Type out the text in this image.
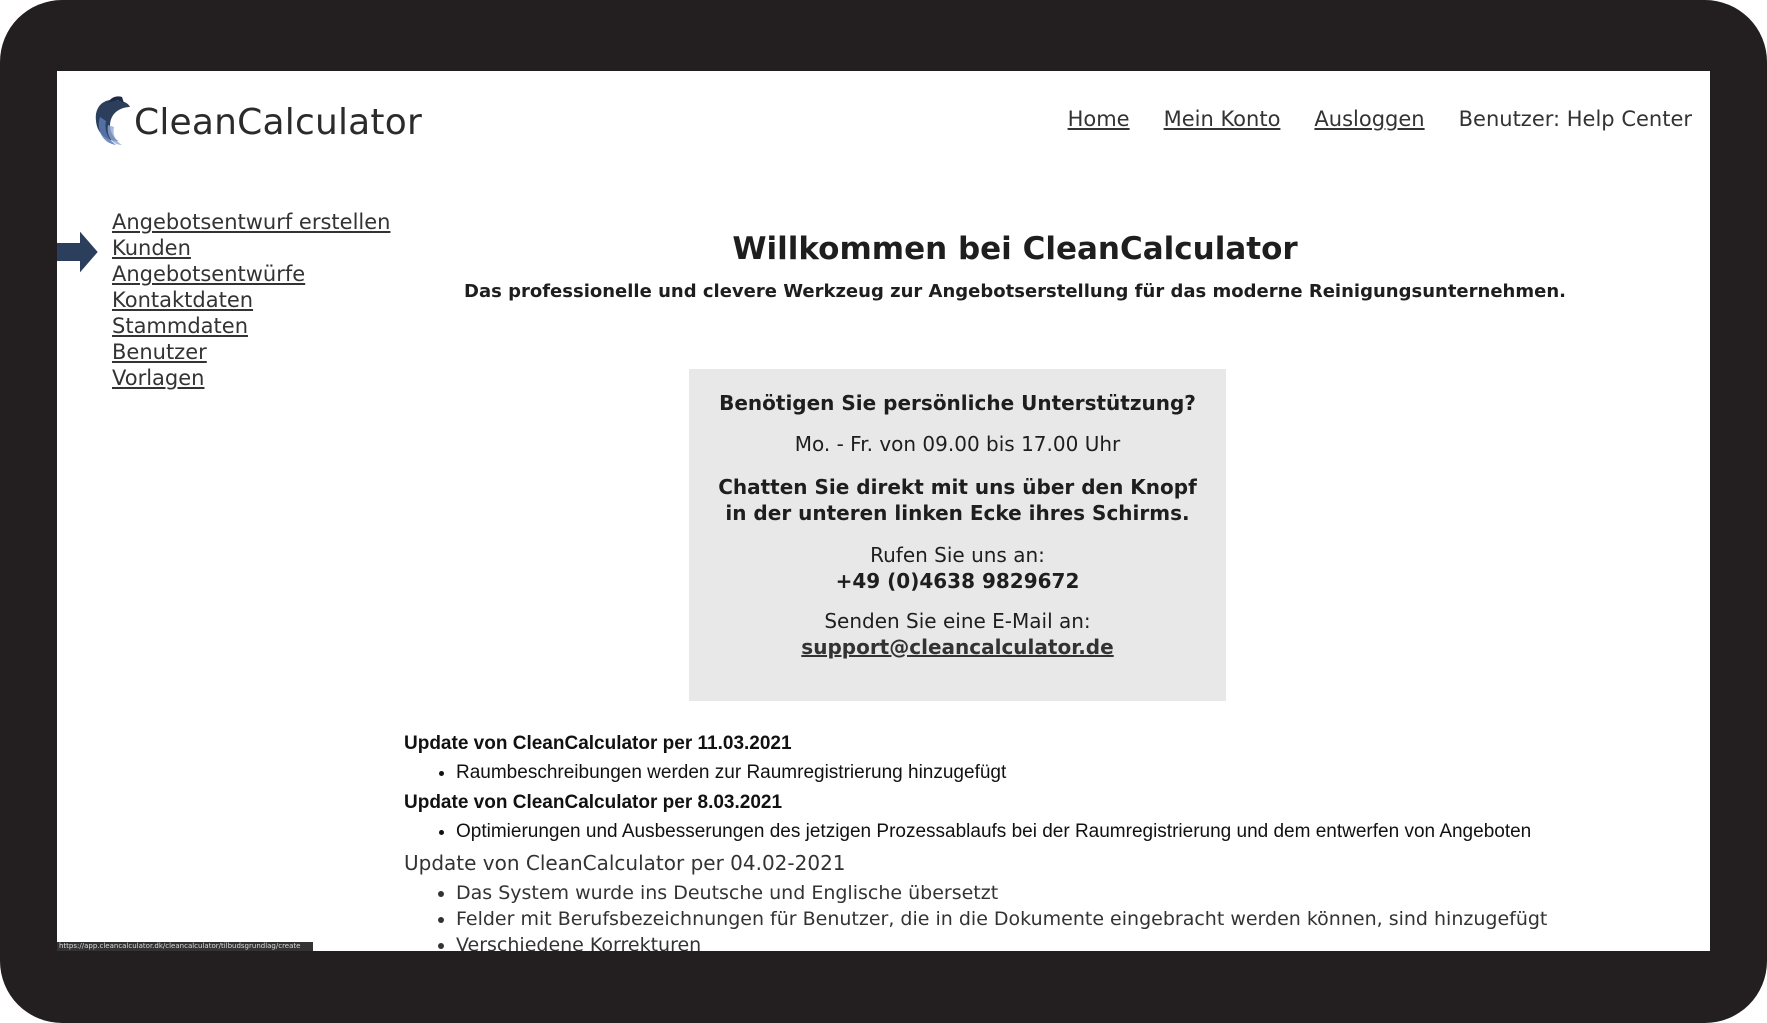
CleanCalculator	Home Mein Konto Ausloggen Benutzer: Help Center
Angebotsentwurf erstellen
Kunden
Angebotsentwürfe
Kontaktdaten
Stammdaten
Benutzer
Vorlagen
Willkommen bei CleanCalculator
Das professionelle und clevere Werkzeug zur Angebotserstellung für das moderne Reinigungsunternehmen.
Benötigen Sie persönliche Unterstützung?
Mo. - Fr. von 09.00 bis 17.00 Uhr
Chatten Sie direkt mit uns über den Knopf in der unteren linken Ecke ihres Schirms.
Rufen Sie uns an:
+49 (0)4638 9829672
Senden Sie eine E-Mail an:
support@cleancalculator.de

Update von CleanCalculator per 11.03.2021

• Raumbeschreibungen werden zur Raumregistrierung hinzugefügt

Update von CleanCalculator per 8.03.2021

• Optimierungen und Ausbesserungen des jetzigen Prozessablaufs bei der Raumregistrierung und dem entwerfen von Angeboten

Update von CleanCalculator per 04.02-2021

• Das System wurde ins Deutsche und Englische übersetzt
• Felder mit Berufsbezeichnungen für Benutzer, die in die Dokumente eingebracht werden können, sind hinzugefügt
• Verschiedene Korrekturen
https://app.cleancalculator.dk/cleancalculator/tilbudsgrundlag/create
